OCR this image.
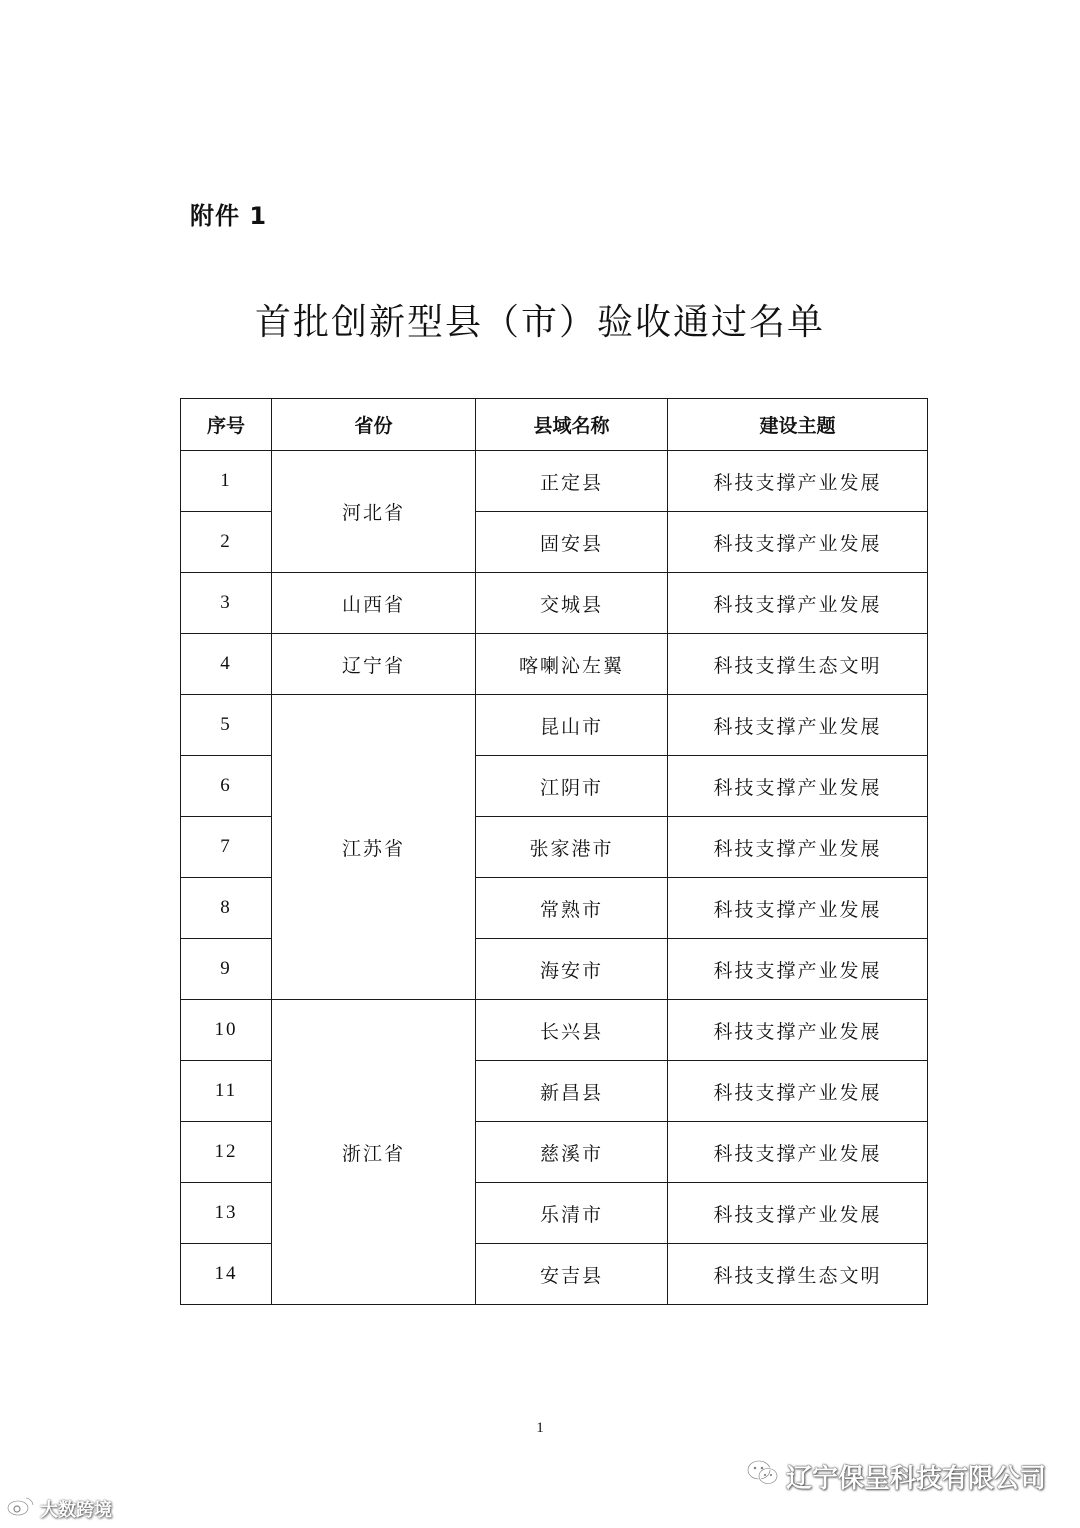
附件 1
首批创新型县（市）验收通过名单
序号	省份	县域名称	建设主题
1	河北省	正定县	科技支撑产业发展
2		固安县	科技支撑产业发展
3	山西省	交城县	科技支撑产业发展
4	辽宁省	喀喇沁左翼	科技支撑生态文明
5	江苏省	昆山市	科技支撑产业发展
6		江阴市	科技支撑产业发展
7		张家港市	科技支撑产业发展
8		常熟市	科技支撑产业发展
9		海安市	科技支撑产业发展
10	浙江省	长兴县	科技支撑产业发展
11		新昌县	科技支撑产业发展
12		慈溪市	科技支撑产业发展
13		乐清市	科技支撑产业发展
14		安吉县	科技支撑生态文明
1
辽宁保呈科技有限公司
大数跨境
